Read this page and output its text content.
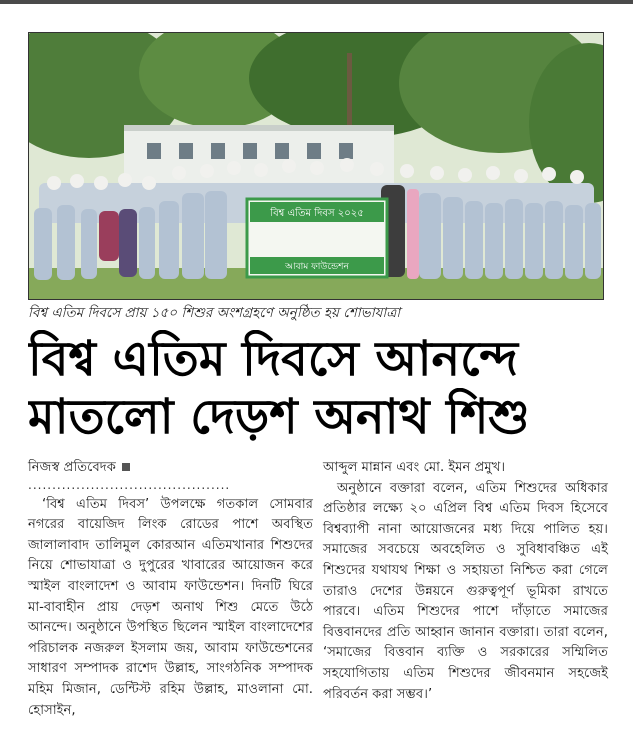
বিশ্ব এতিম দিবস ২০২৫
আবাম ফাউন্ডেশন
বিশ্ব এতিম দিবসে প্রায় ১৫০ শিশুর অংশগ্রহণে অনুষ্ঠিত হয় শোভাযাত্রা
বিশ্ব এতিম দিবসে আনন্দে
মাতলো দেড়শ অনাথ শিশু
নিজস্ব প্রতিবেদক
..........................................

‘বিশ্ব এতিম দিবস’ উপলক্ষে গতকাল সোমবার নগরের বায়েজিদ লিংক রোডের পাশে অবস্থিত জালালাবাদ তালিমুল কোরআন এতিমখানার শিশুদের নিয়ে শোভাযাত্রা ও দুপুরের খাবারের আয়োজন করে স্মাইল বাংলাদেশ ও আবাম ফাউন্ডেশন। দিনটি ঘিরে মা-বাবাহীন প্রায় দেড়শ অনাথ শিশু মেতে উঠে আনন্দে। অনুষ্ঠানে উপস্থিত ছিলেন স্মাইল বাংলাদেশের পরিচালক নজরুল ইসলাম জয়, আবাম ফাউন্ডেশনের সাধারণ সম্পাদক রাশেদ উল্লাহ, সাংগঠনিক সম্পাদক মহিম মিজান, ডেন্টিস্ট রহিম উল্লাহ, মাওলানা মো. হোসাইন,

আব্দুল মান্নান এবং মো. ইমন প্রমুখ।

অনুষ্ঠানে বক্তারা বলেন, এতিম শিশুদের অধিকার প্রতিষ্ঠার লক্ষ্যে ২০ এপ্রিল বিশ্ব এতিম দিবস হিসেবে বিশ্বব্যাপী নানা আয়োজনের মধ্য দিয়ে পালিত হয়। সমাজের সবচেয়ে অবহেলিত ও সুবিধাবঞ্চিত এই শিশুদের যথাযথ শিক্ষা ও সহায়তা নিশ্চিত করা গেলে তারাও দেশের উন্নয়নে গুরুত্বপূর্ণ ভূমিকা রাখতে পারবে। এতিম শিশুদের পাশে দাঁড়াতে সমাজের বিত্তবানদের প্রতি আহ্বান জানান বক্তারা। তারা বলেন, ‘সমাজের বিত্তবান ব্যক্তি ও সরকারের সম্মিলিত সহযোগিতায় এতিম শিশুদের জীবনমান সহজেই পরিবর্তন করা সম্ভব।’
